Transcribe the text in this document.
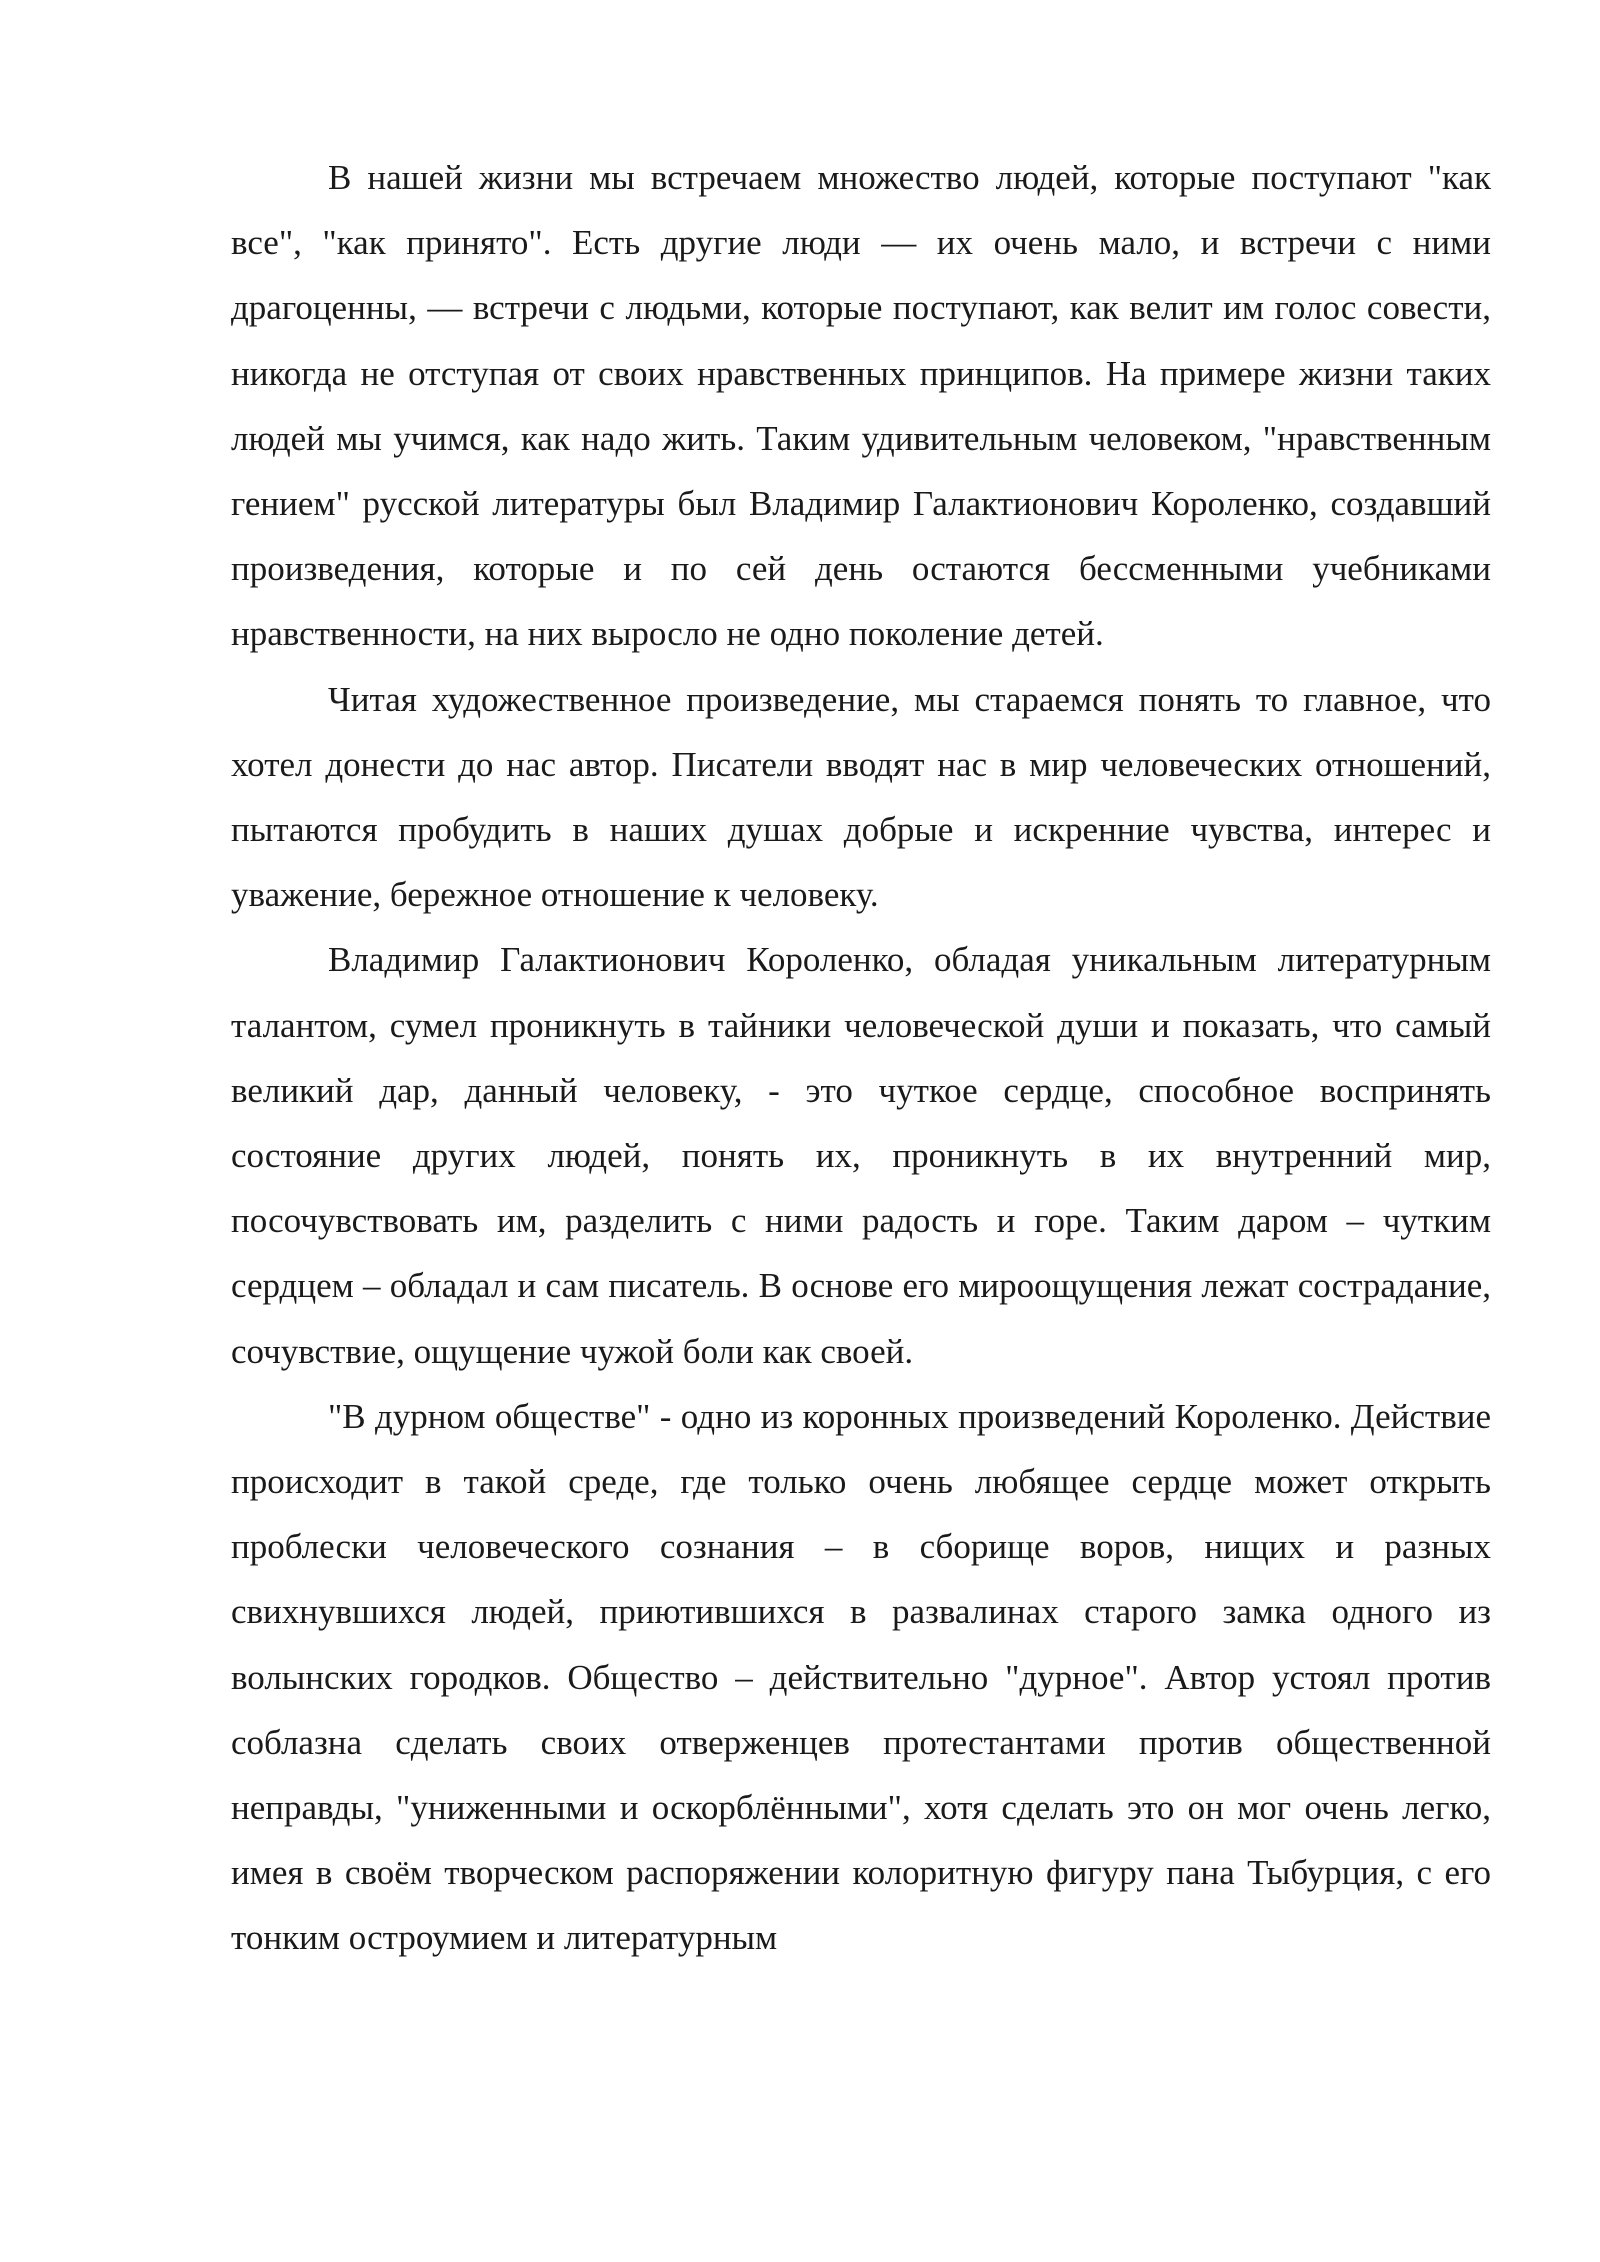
В нашей жизни мы встречаем множество людей, которые поступают "как все", "как принято". Есть другие люди — их очень мало, и встречи с ними драгоценны, — встречи с людьми, которые поступают, как велит им голос совести, никогда не отступая от своих нравственных принципов. На примере жизни таких людей мы учимся, как надо жить. Таким удивительным человеком, "нравственным гением" русской литературы был Владимир Галактионович Короленко, создавший произведения, которые и по сей день остаются бессменными учебниками нравственности, на них выросло не одно поколение детей.

Читая художественное произведение, мы стараемся понять то главное, что хотел донести до нас автор. Писатели вводят нас в мир человеческих отношений, пытаются пробудить в наших душах добрые и искренние чувства, интерес и уважение, бережное отношение к человеку.

Владимир Галактионович Короленко, обладая уникальным литературным талантом, сумел проникнуть в тайники человеческой души и показать, что самый великий дар, данный человеку, - это чуткое сердце, способное воспринять состояние других людей, понять их, проникнуть в их внутренний мир, посочувствовать им, разделить с ними радость и горе. Таким даром – чутким сердцем – обладал и сам писатель. В основе его мироощущения лежат сострадание, сочувствие, ощущение чужой боли как своей.

"В дурном обществе" - одно из коронных произведений Короленко. Действие происходит в такой среде, где только очень любящее сердце может открыть проблески человеческого сознания – в сборище воров, нищих и разных свихнувшихся людей, приютившихся в развалинах старого замка одного из волынских городков. Общество – действительно "дурное". Автор устоял против соблазна сделать своих отверженцев протестантами против общественной неправды, "униженными и оскорблёнными", хотя сделать это он мог очень легко, имея в своём творческом распоряжении колоритную фигуру пана Тыбурция, с его тонким остроумием и литературным
